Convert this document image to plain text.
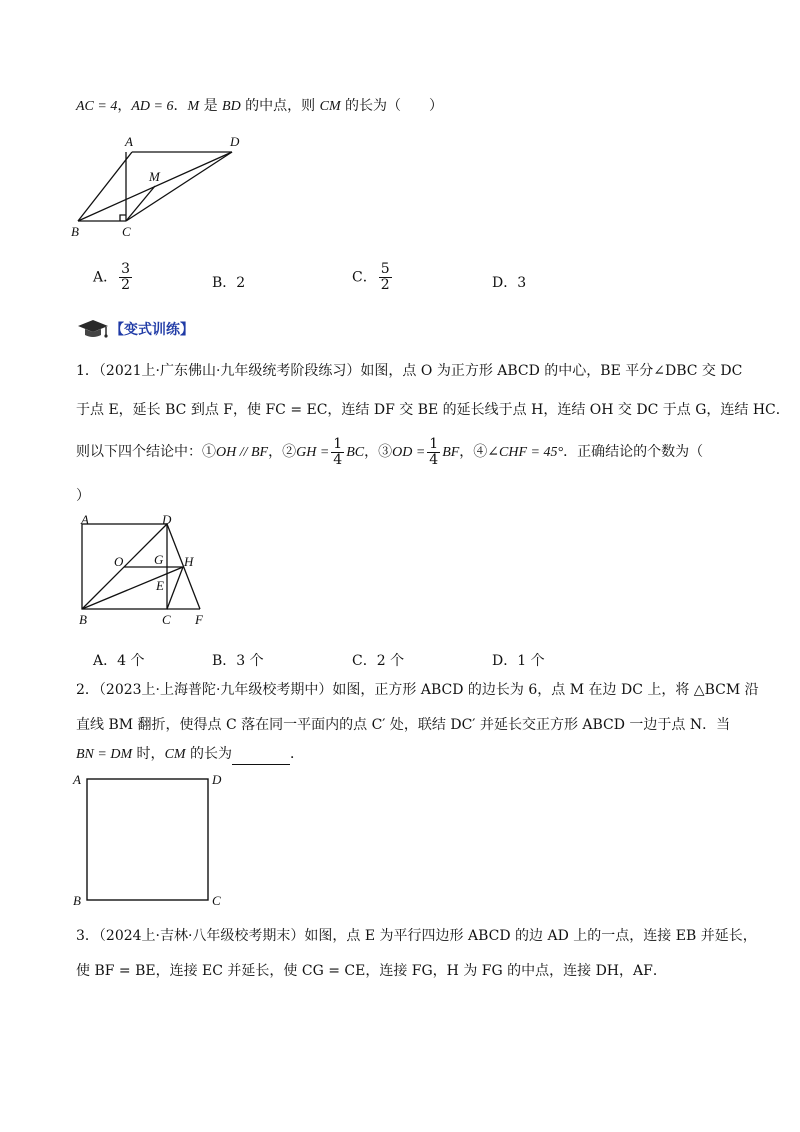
AC = 4，AD = 6．M 是 BD 的中点，则 CM 的长为（　　）
A	D
M
B	C
A． $\frac{3}{2}$	B．2	C． $\frac{5}{2}$	D．3
【变式训练】
1．（2021上·广东佛山·九年级统考阶段练习）如图，点 O 为正方形 ABCD 的中心，BE 平分∠DBC 交 DC
于点 E，延长 BC 到点 F，使 FC = EC，连结 DF 交 BE 的延长线于点 H，连结 OH 交 DC 于点 G，连结 HC．
则以下四个结论中：①OH // BF，②GH = $\frac{1}{4}$ BC，③OD = $\frac{1}{4}$ BF，④∠CHF = 45°．正确结论的个数为（
）
A	D
O G H
E
B	C F
A．4 个	B．3 个	C．2 个	D．1 个
2．（2023上·上海普陀·九年级校考期中）如图，正方形 ABCD 的边长为 6，点 M 在边 DC 上，将 △BCM 沿
直线 BM 翻折，使得点 C 落在同一平面内的点 C′ 处，联结 DC′ 并延长交正方形 ABCD 一边于点 N．当
BN = DM 时，CM 的长为	．
A	D
B	C
3．（2024上·吉林·八年级校考期末）如图，点 E 为平行四边形 ABCD 的边 AD 上的一点，连接 EB 并延长，
使 BF = BE，连接 EC 并延长，使 CG = CE，连接 FG，H 为 FG 的中点，连接 DH，AF．
